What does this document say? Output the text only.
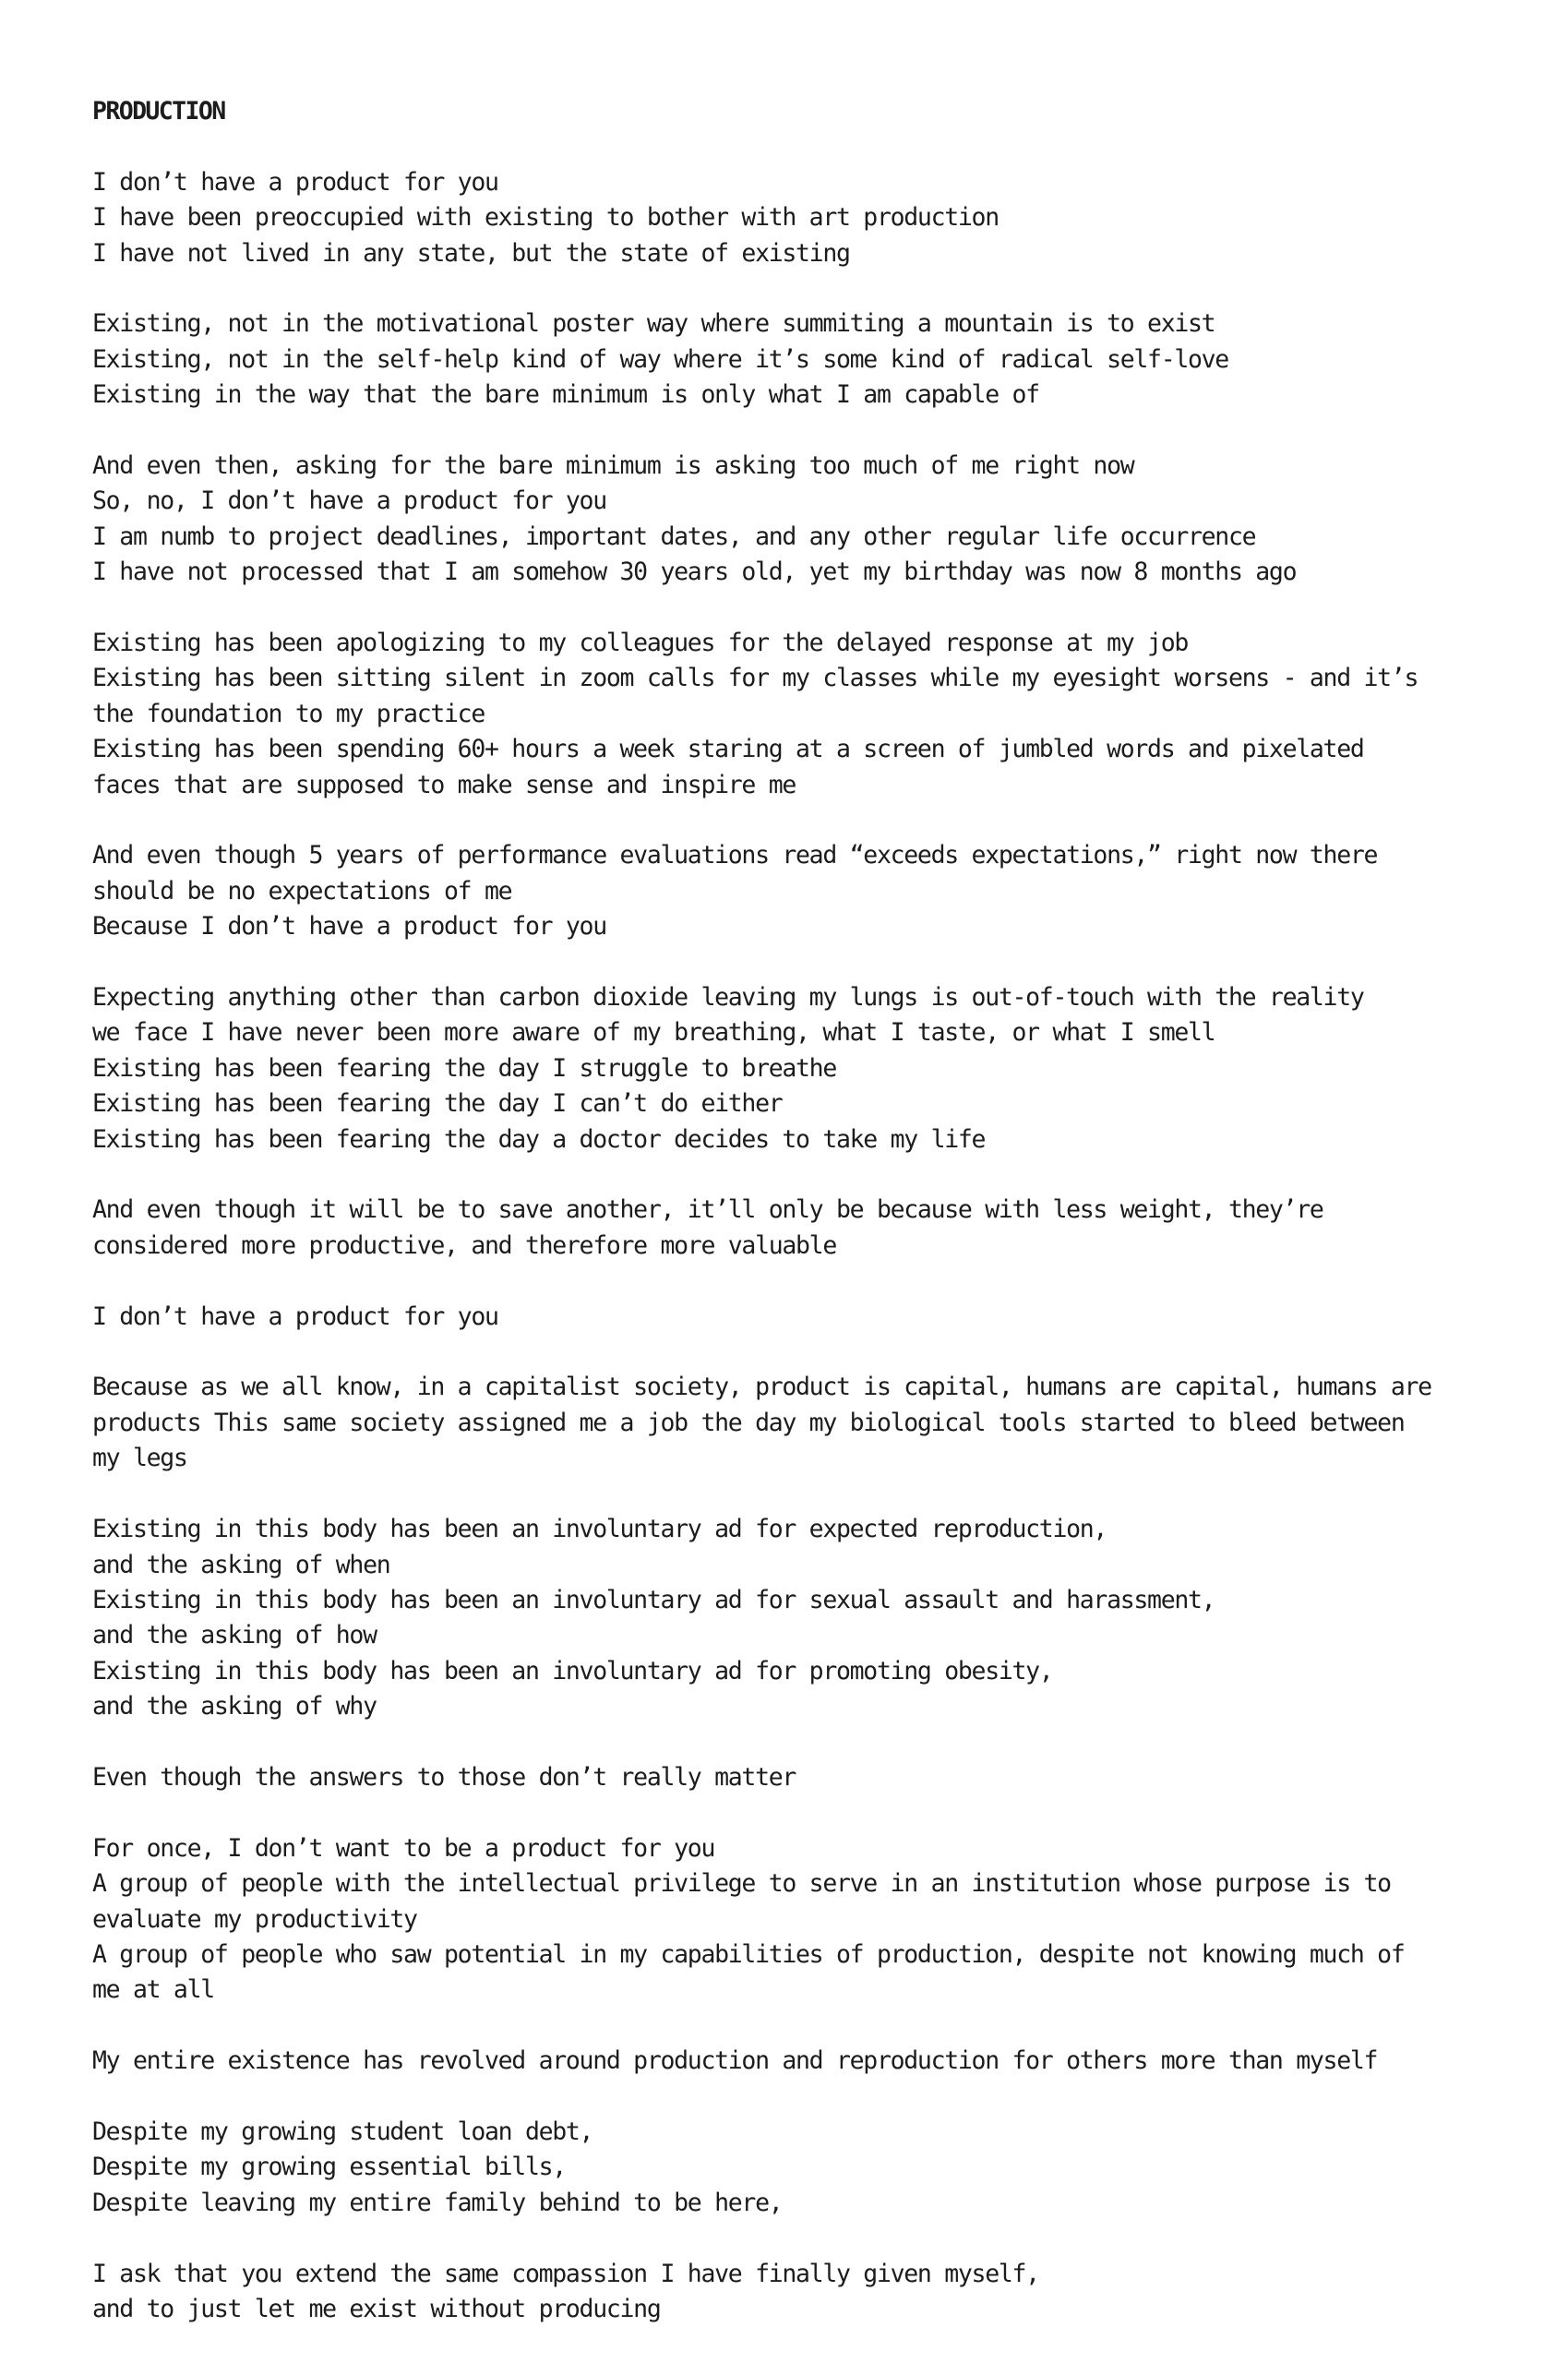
PRODUCTION
I don’t have a product for you
I have been preoccupied with existing to bother with art production
I have not lived in any state, but the state of existing
Existing, not in the motivational poster way where summiting a mountain is to exist
Existing, not in the self-help kind of way where it’s some kind of radical self-love
Existing in the way that the bare minimum is only what I am capable of
And even then, asking for the bare minimum is asking too much of me right now
So, no, I don’t have a product for you
I am numb to project deadlines, important dates, and any other regular life occurrence
I have not processed that I am somehow 30 years old, yet my birthday was now 8 months ago
Existing has been apologizing to my colleagues for the delayed response at my job
Existing has been sitting silent in zoom calls for my classes while my eyesight worsens - and it’s
the foundation to my practice
Existing has been spending 60+ hours a week staring at a screen of jumbled words and pixelated
faces that are supposed to make sense and inspire me
And even though 5 years of performance evaluations read “exceeds expectations,” right now there
should be no expectations of me
Because I don’t have a product for you
Expecting anything other than carbon dioxide leaving my lungs is out-of-touch with the reality
we face I have never been more aware of my breathing, what I taste, or what I smell
Existing has been fearing the day I struggle to breathe
Existing has been fearing the day I can’t do either
Existing has been fearing the day a doctor decides to take my life
And even though it will be to save another, it’ll only be because with less weight, they’re
considered more productive, and therefore more valuable
I don’t have a product for you
Because as we all know, in a capitalist society, product is capital, humans are capital, humans are
products This same society assigned me a job the day my biological tools started to bleed between
my legs
Existing in this body has been an involuntary ad for expected reproduction,
and the asking of when
Existing in this body has been an involuntary ad for sexual assault and harassment,
and the asking of how
Existing in this body has been an involuntary ad for promoting obesity,
and the asking of why
Even though the answers to those don’t really matter
For once, I don’t want to be a product for you
A group of people with the intellectual privilege to serve in an institution whose purpose is to
evaluate my productivity
A group of people who saw potential in my capabilities of production, despite not knowing much of
me at all
My entire existence has revolved around production and reproduction for others more than myself
Despite my growing student loan debt,
Despite my growing essential bills,
Despite leaving my entire family behind to be here,
I ask that you extend the same compassion I have finally given myself,
and to just let me exist without producing
